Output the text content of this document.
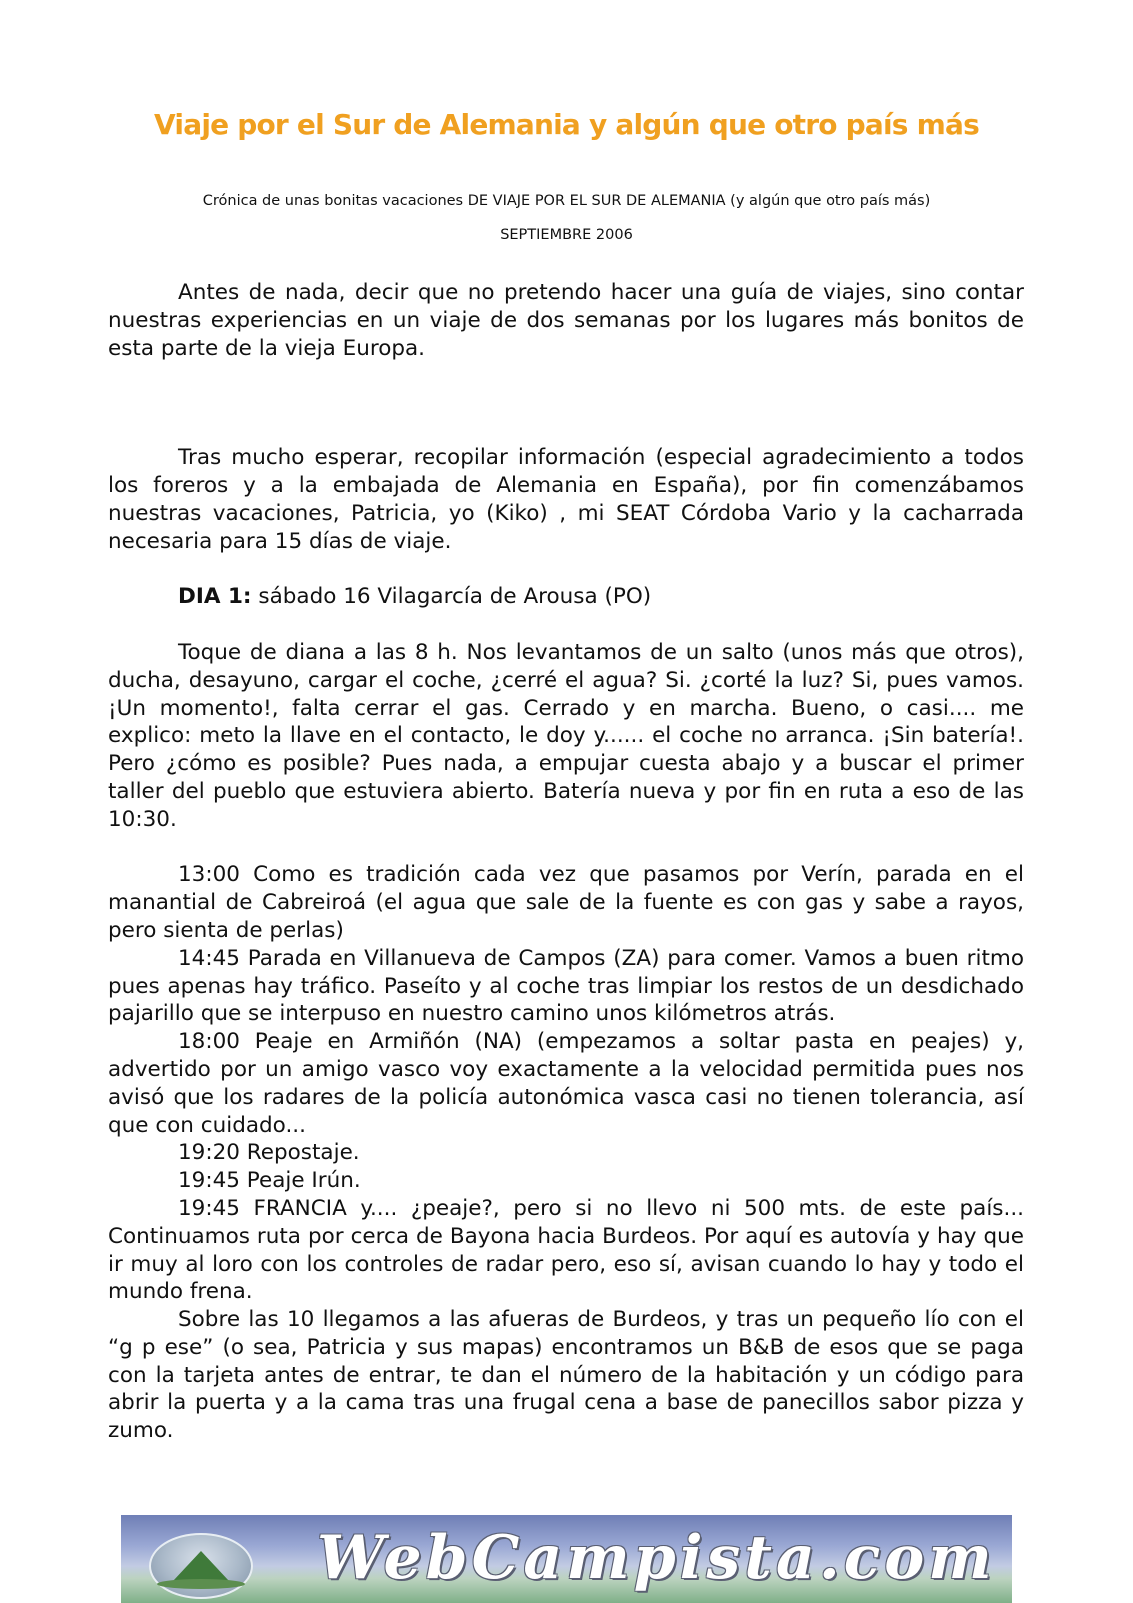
Viaje por el Sur de Alemania y algún que otro país más

Crónica de unas bonitas vacaciones DE VIAJE POR EL SUR DE ALEMANIA (y algún que otro país más)

SEPTIEMBRE 2006

Antes de nada, decir que no pretendo hacer una guía de viajes, sino contar nuestras experiencias en un viaje de dos semanas por los lugares más bonitos de esta parte de la vieja Europa.

Tras mucho esperar, recopilar información (especial agradecimiento a todos los foreros y a la embajada de Alemania en España), por fin comenzábamos nuestras vacaciones, Patricia, yo (Kiko) , mi SEAT Córdoba Vario y la cacharrada necesaria para 15 días de viaje.

DIA 1: sábado 16 Vilagarcía de Arousa (PO)

Toque de diana a las 8 h. Nos levantamos de un salto (unos más que otros), ducha, desayuno, cargar el coche, ¿cerré el agua? Si. ¿corté la luz? Si, pues vamos. ¡Un momento!, falta cerrar el gas. Cerrado y en marcha. Bueno, o casi.... me explico: meto la llave en el contacto, le doy y...... el coche no arranca. ¡Sin batería!. Pero ¿cómo es posible? Pues nada, a empujar cuesta abajo y a buscar el primer taller del pueblo que estuviera abierto. Batería nueva y por fin en ruta a eso de las 10:30.

13:00 Como es tradición cada vez que pasamos por Verín, parada en el manantial de Cabreiroá (el agua que sale de la fuente es con gas y sabe a rayos, pero sienta de perlas)

14:45 Parada en Villanueva de Campos (ZA) para comer. Vamos a buen ritmo pues apenas hay tráfico. Paseíto y al coche tras limpiar los restos de un desdichado pajarillo que se interpuso en nuestro camino unos kilómetros atrás.

18:00 Peaje en Armiñón (NA) (empezamos a soltar pasta en peajes) y, advertido por un amigo vasco voy exactamente a la velocidad permitida pues nos avisó que los radares de la policía autonómica vasca casi no tienen tolerancia, así que con cuidado...

19:20 Repostaje.

19:45 Peaje Irún.

19:45 FRANCIA y.... ¿peaje?, pero si no llevo ni 500 mts. de este país... Continuamos ruta por cerca de Bayona hacia Burdeos. Por aquí es autovía y hay que ir muy al loro con los controles de radar pero, eso sí, avisan cuando lo hay y todo el mundo frena.

Sobre las 10 llegamos a las afueras de Burdeos, y tras un pequeño lío con el “g p ese” (o sea, Patricia y sus mapas) encontramos un B&B de esos que se paga con la tarjeta antes de entrar, te dan el número de la habitación y un código para abrir la puerta y a la cama tras una frugal cena a base de panecillos sabor pizza y zumo.

WebCampista.com
